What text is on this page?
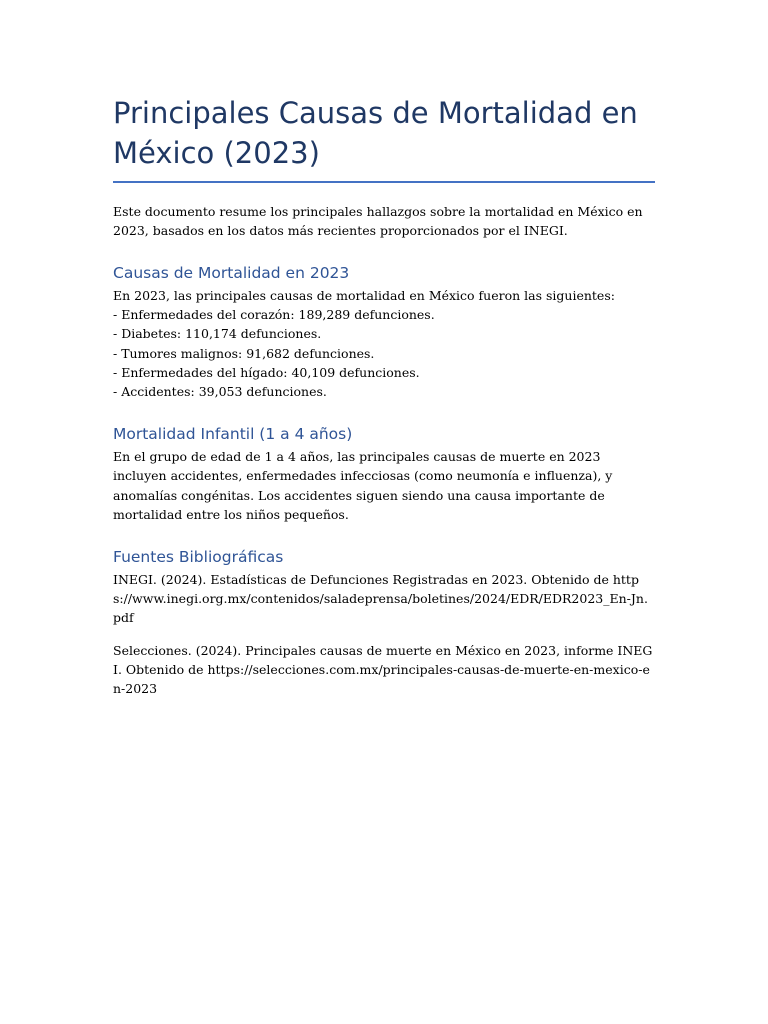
Principales Causas de Mortalidad en México (2023)

Este documento resume los principales hallazgos sobre la mortalidad en México en 2023, basados en los datos más recientes proporcionados por el INEGI.

Causas de Mortalidad en 2023

En 2023, las principales causas de mortalidad en México fueron las siguientes:
- Enfermedades del corazón: 189,289 defunciones.
- Diabetes: 110,174 defunciones.
- Tumores malignos: 91,682 defunciones.
- Enfermedades del hígado: 40,109 defunciones.
- Accidentes: 39,053 defunciones.

Mortalidad Infantil (1 a 4 años)

En el grupo de edad de 1 a 4 años, las principales causas de muerte en 2023 incluyen accidentes, enfermedades infecciosas (como neumonía e influenza), y anomalías congénitas. Los accidentes siguen siendo una causa importante de mortalidad entre los niños pequeños.

Fuentes Bibliográficas

INEGI. (2024). Estadísticas de Defunciones Registradas en 2023. Obtenido de https://www.inegi.org.mx/contenidos/saladeprensa/boletines/2024/EDR/EDR2023_En-Jn.pdf

Selecciones. (2024). Principales causas de muerte en México en 2023, informe INEGI. Obtenido de https://selecciones.com.mx/principales-causas-de-muerte-en-mexico-en-2023
